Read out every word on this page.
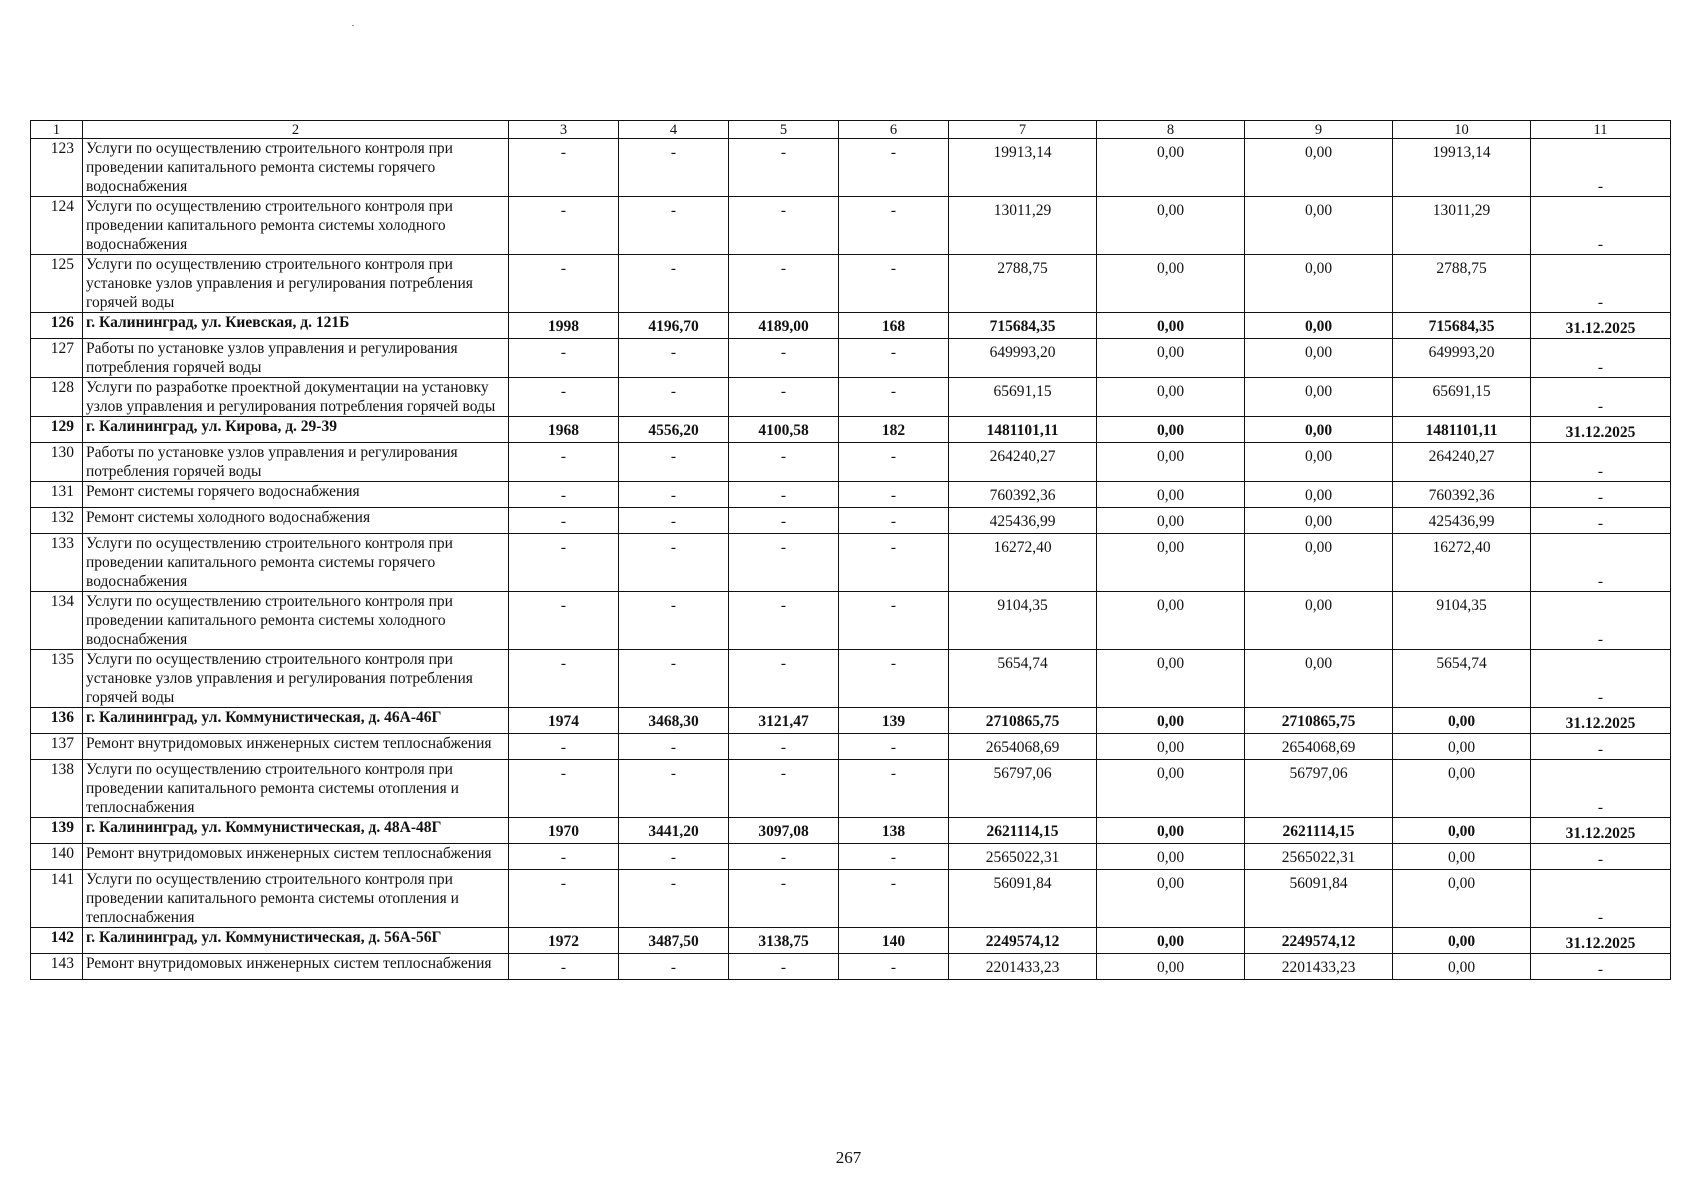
1	2	3	4	5	6	7	8	9	10	11
123	Услуги по осуществлению строительного контроля при проведении капитального ремонта системы горячего водоснабжения	-	-	-	-	19913,14	0,00	0,00	19913,14	-
124	Услуги по осуществлению строительного контроля при проведении капитального ремонта системы холодного водоснабжения	-	-	-	-	13011,29	0,00	0,00	13011,29	-
125	Услуги по осуществлению строительного контроля при установке узлов управления и регулирования потребления горячей воды	-	-	-	-	2788,75	0,00	0,00	2788,75	-
126	г. Калининград, ул. Киевская, д. 121Б	1998	4196,70	4189,00	168	715684,35	0,00	0,00	715684,35	31.12.2025
127	Работы по установке узлов управления и регулирования потребления горячей воды	-	-	-	-	649993,20	0,00	0,00	649993,20	-
128	Услуги по разработке проектной документации на установку узлов управления и регулирования потребления горячей воды	-	-	-	-	65691,15	0,00	0,00	65691,15	-
129	г. Калининград, ул. Кирова, д. 29-39	1968	4556,20	4100,58	182	1481101,11	0,00	0,00	1481101,11	31.12.2025
130	Работы по установке узлов управления и регулирования потребления горячей воды	-	-	-	-	264240,27	0,00	0,00	264240,27	-
131	Ремонт системы горячего водоснабжения	-	-	-	-	760392,36	0,00	0,00	760392,36	-
132	Ремонт системы холодного водоснабжения	-	-	-	-	425436,99	0,00	0,00	425436,99	-
133	Услуги по осуществлению строительного контроля при проведении капитального ремонта системы горячего водоснабжения	-	-	-	-	16272,40	0,00	0,00	16272,40	-
134	Услуги по осуществлению строительного контроля при проведении капитального ремонта системы холодного водоснабжения	-	-	-	-	9104,35	0,00	0,00	9104,35	-
135	Услуги по осуществлению строительного контроля при установке узлов управления и регулирования потребления горячей воды	-	-	-	-	5654,74	0,00	0,00	5654,74	-
136	г. Калининград, ул. Коммунистическая, д. 46А-46Г	1974	3468,30	3121,47	139	2710865,75	0,00	2710865,75	0,00	31.12.2025
137	Ремонт внутридомовых инженерных систем теплоснабжения	-	-	-	-	2654068,69	0,00	2654068,69	0,00	-
138	Услуги по осуществлению строительного контроля при проведении капитального ремонта системы отопления и теплоснабжения	-	-	-	-	56797,06	0,00	56797,06	0,00	-
139	г. Калининград, ул. Коммунистическая, д. 48А-48Г	1970	3441,20	3097,08	138	2621114,15	0,00	2621114,15	0,00	31.12.2025
140	Ремонт внутридомовых инженерных систем теплоснабжения	-	-	-	-	2565022,31	0,00	2565022,31	0,00	-
141	Услуги по осуществлению строительного контроля при проведении капитального ремонта системы отопления и теплоснабжения	-	-	-	-	56091,84	0,00	56091,84	0,00	-
142	г. Калининград, ул. Коммунистическая, д. 56А-56Г	1972	3487,50	3138,75	140	2249574,12	0,00	2249574,12	0,00	31.12.2025
143	Ремонт внутридомовых инженерных систем теплоснабжения	-	-	-	-	2201433,23	0,00	2201433,23	0,00	-
267
